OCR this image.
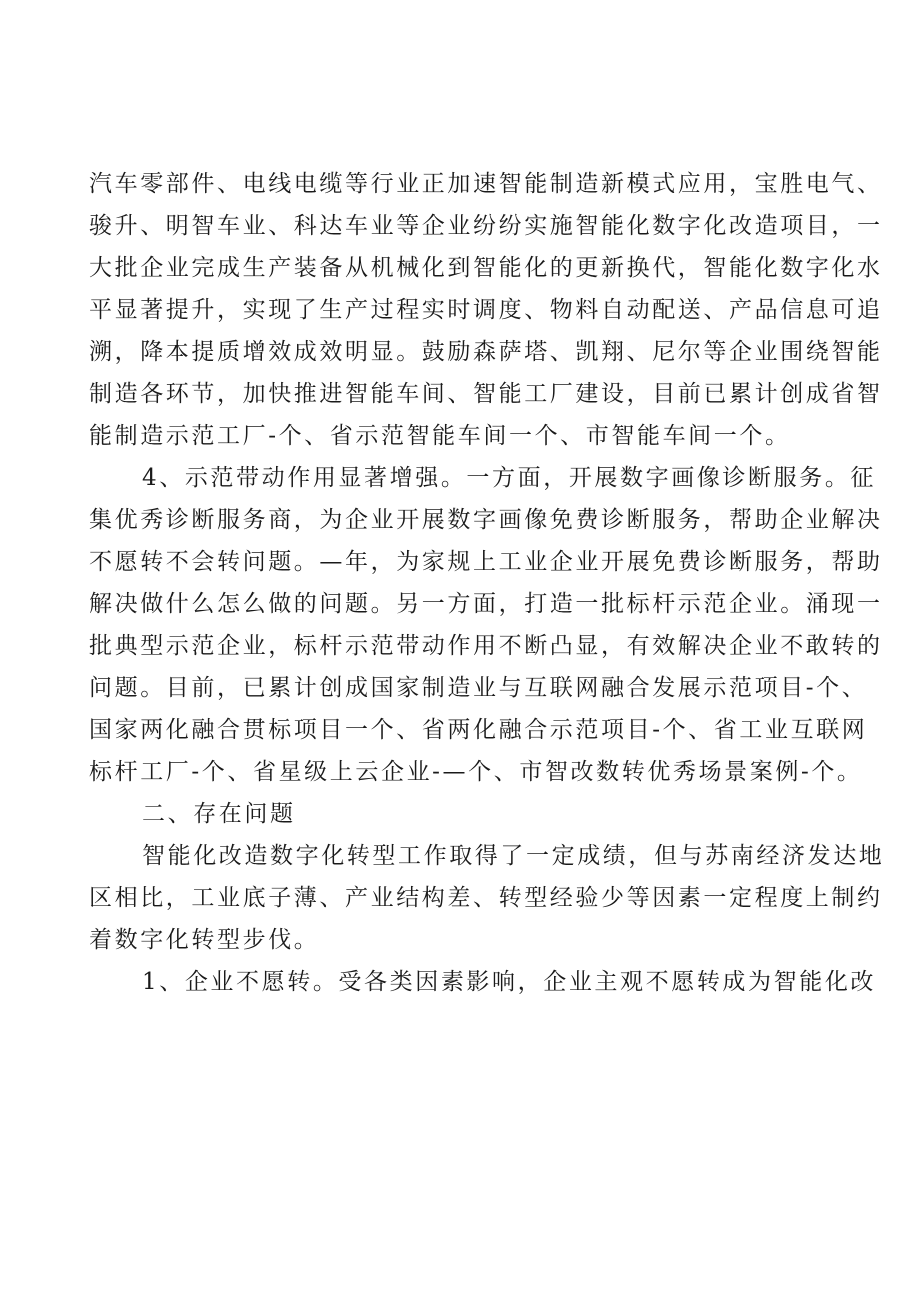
汽车零部件、电线电缆等行业正加速智能制造新模式应用，宝胜电气、

骏升、明智车业、科达车业等企业纷纷实施智能化数字化改造项目，一

大批企业完成生产装备从机械化到智能化的更新换代，智能化数字化水

平显著提升，实现了生产过程实时调度、物料自动配送、产品信息可追

溯，降本提质增效成效明显。鼓励森萨塔、凯翔、尼尔等企业围绕智能

制造各环节，加快推进智能车间、智能工厂建设，目前已累计创成省智

能制造示范工厂-个、省示范智能车间一个、市智能车间一个。

4、示范带动作用显著增强。一方面，开展数字画像诊断服务。征

集优秀诊断服务商，为企业开展数字画像免费诊断服务，帮助企业解决

不愿转不会转问题。—年，为家规上工业企业开展免费诊断服务，帮助

解决做什么怎么做的问题。另一方面，打造一批标杆示范企业。涌现一

批典型示范企业，标杆示范带动作用不断凸显，有效解决企业不敢转的

问题。目前，已累计创成国家制造业与互联网融合发展示范项目-个、

国家两化融合贯标项目一个、省两化融合示范项目-个、省工业互联网

标杆工厂-个、省星级上云企业-—个、市智改数转优秀场景案例-个。

二、存在问题

智能化改造数字化转型工作取得了一定成绩，但与苏南经济发达地

区相比，工业底子薄、产业结构差、转型经验少等因素一定程度上制约

着数字化转型步伐。

1、企业不愿转。受各类因素影响，企业主观不愿转成为智能化改
